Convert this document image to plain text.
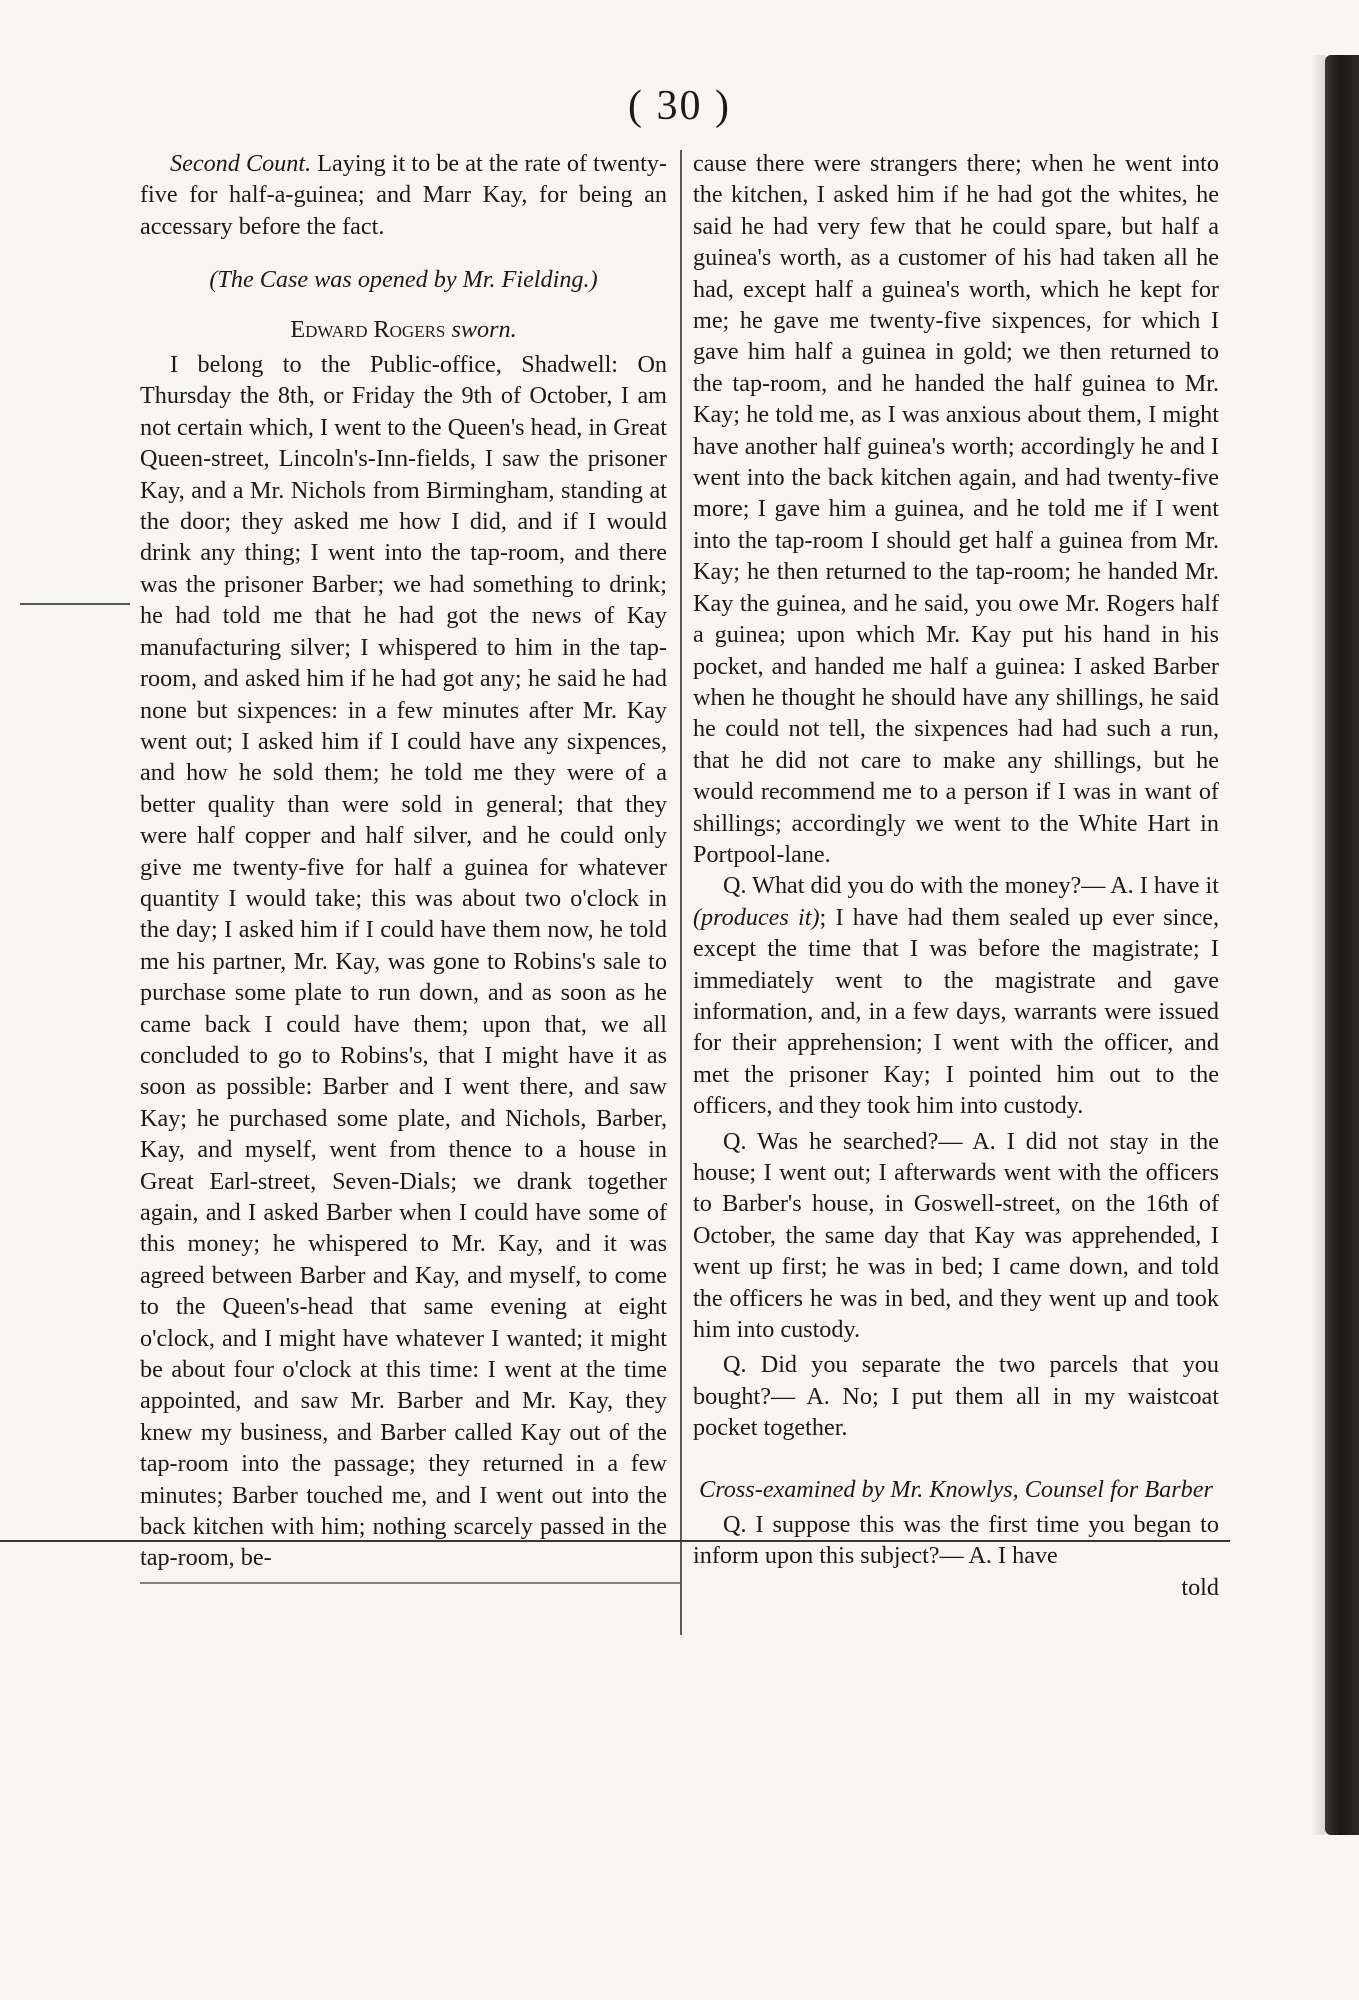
( 30 )

Second Count. Laying it to be at the rate of twenty-five for half-a-guinea; and Marr Kay, for being an accessary before the fact.

(The Case was opened by Mr. Fielding.)

Edward Rogers sworn.

I belong to the Public-office, Shadwell: On Thursday the 8th, or Friday the 9th of October, I am not certain which, I went to the Queen's head, in Great Queen-street, Lincoln's-Inn-fields, I saw the prisoner Kay, and a Mr. Nichols from Birmingham, standing at the door; they asked me how I did, and if I would drink any thing; I went into the tap-room, and there was the prisoner Barber; we had something to drink; he had told me that he had got the news of Kay manufacturing silver; I whispered to him in the tap-room, and asked him if he had got any; he said he had none but sixpences: in a few minutes after Mr. Kay went out; I asked him if I could have any sixpences, and how he sold them; he told me they were of a better quality than were sold in general; that they were half copper and half silver, and he could only give me twenty-five for half a guinea for whatever quantity I would take; this was about two o'clock in the day; I asked him if I could have them now, he told me his partner, Mr. Kay, was gone to Robins's sale to purchase some plate to run down, and as soon as he came back I could have them; upon that, we all concluded to go to Robins's, that I might have it as soon as possible: Barber and I went there, and saw Kay; he purchased some plate, and Nichols, Barber, Kay, and myself, went from thence to a house in Great Earl-street, Seven-Dials; we drank together again, and I asked Barber when I could have some of this money; he whispered to Mr. Kay, and it was agreed between Barber and Kay, and myself, to come to the Queen's-head that same evening at eight o'clock, and I might have whatever I wanted; it might be about four o'clock at this time: I went at the time appointed, and saw Mr. Barber and Mr. Kay, they knew my business, and Barber called Kay out of the tap-room into the passage; they returned in a few minutes; Barber touched me, and I went out into the back kitchen with him; nothing scarcely passed in the tap-room, be-

cause there were strangers there; when he went into the kitchen, I asked him if he had got the whites, he said he had very few that he could spare, but half a guinea's worth, as a customer of his had taken all he had, except half a guinea's worth, which he kept for me; he gave me twenty-five sixpences, for which I gave him half a guinea in gold; we then returned to the tap-room, and he handed the half guinea to Mr. Kay; he told me, as I was anxious about them, I might have another half guinea's worth; accordingly he and I went into the back kitchen again, and had twenty-five more; I gave him a guinea, and he told me if I went into the tap-room I should get half a guinea from Mr. Kay; he then returned to the tap-room; he handed Mr. Kay the guinea, and he said, you owe Mr. Rogers half a guinea; upon which Mr. Kay put his hand in his pocket, and handed me half a guinea: I asked Barber when he thought he should have any shillings, he said he could not tell, the sixpences had had such a run, that he did not care to make any shillings, but he would recommend me to a person if I was in want of shillings; accordingly we went to the White Hart in Portpool-lane.

Q. What did you do with the money?— A. I have it (produces it); I have had them sealed up ever since, except the time that I was before the magistrate; I immediately went to the magistrate and gave information, and, in a few days, warrants were issued for their apprehension; I went with the officer, and met the prisoner Kay; I pointed him out to the officers, and they took him into custody.

Q. Was he searched?— A. I did not stay in the house; I went out; I afterwards went with the officers to Barber's house, in Goswell-street, on the 16th of October, the same day that Kay was apprehended, I went up first; he was in bed; I came down, and told the officers he was in bed, and they went up and took him into custody.

Q. Did you separate the two parcels that you bought?— A. No; I put them all in my waistcoat pocket together.

Cross-examined by Mr. Knowlys, Counsel for Barber

Q. I suppose this was the first time you began to inform upon this subject?— A. I have

told
